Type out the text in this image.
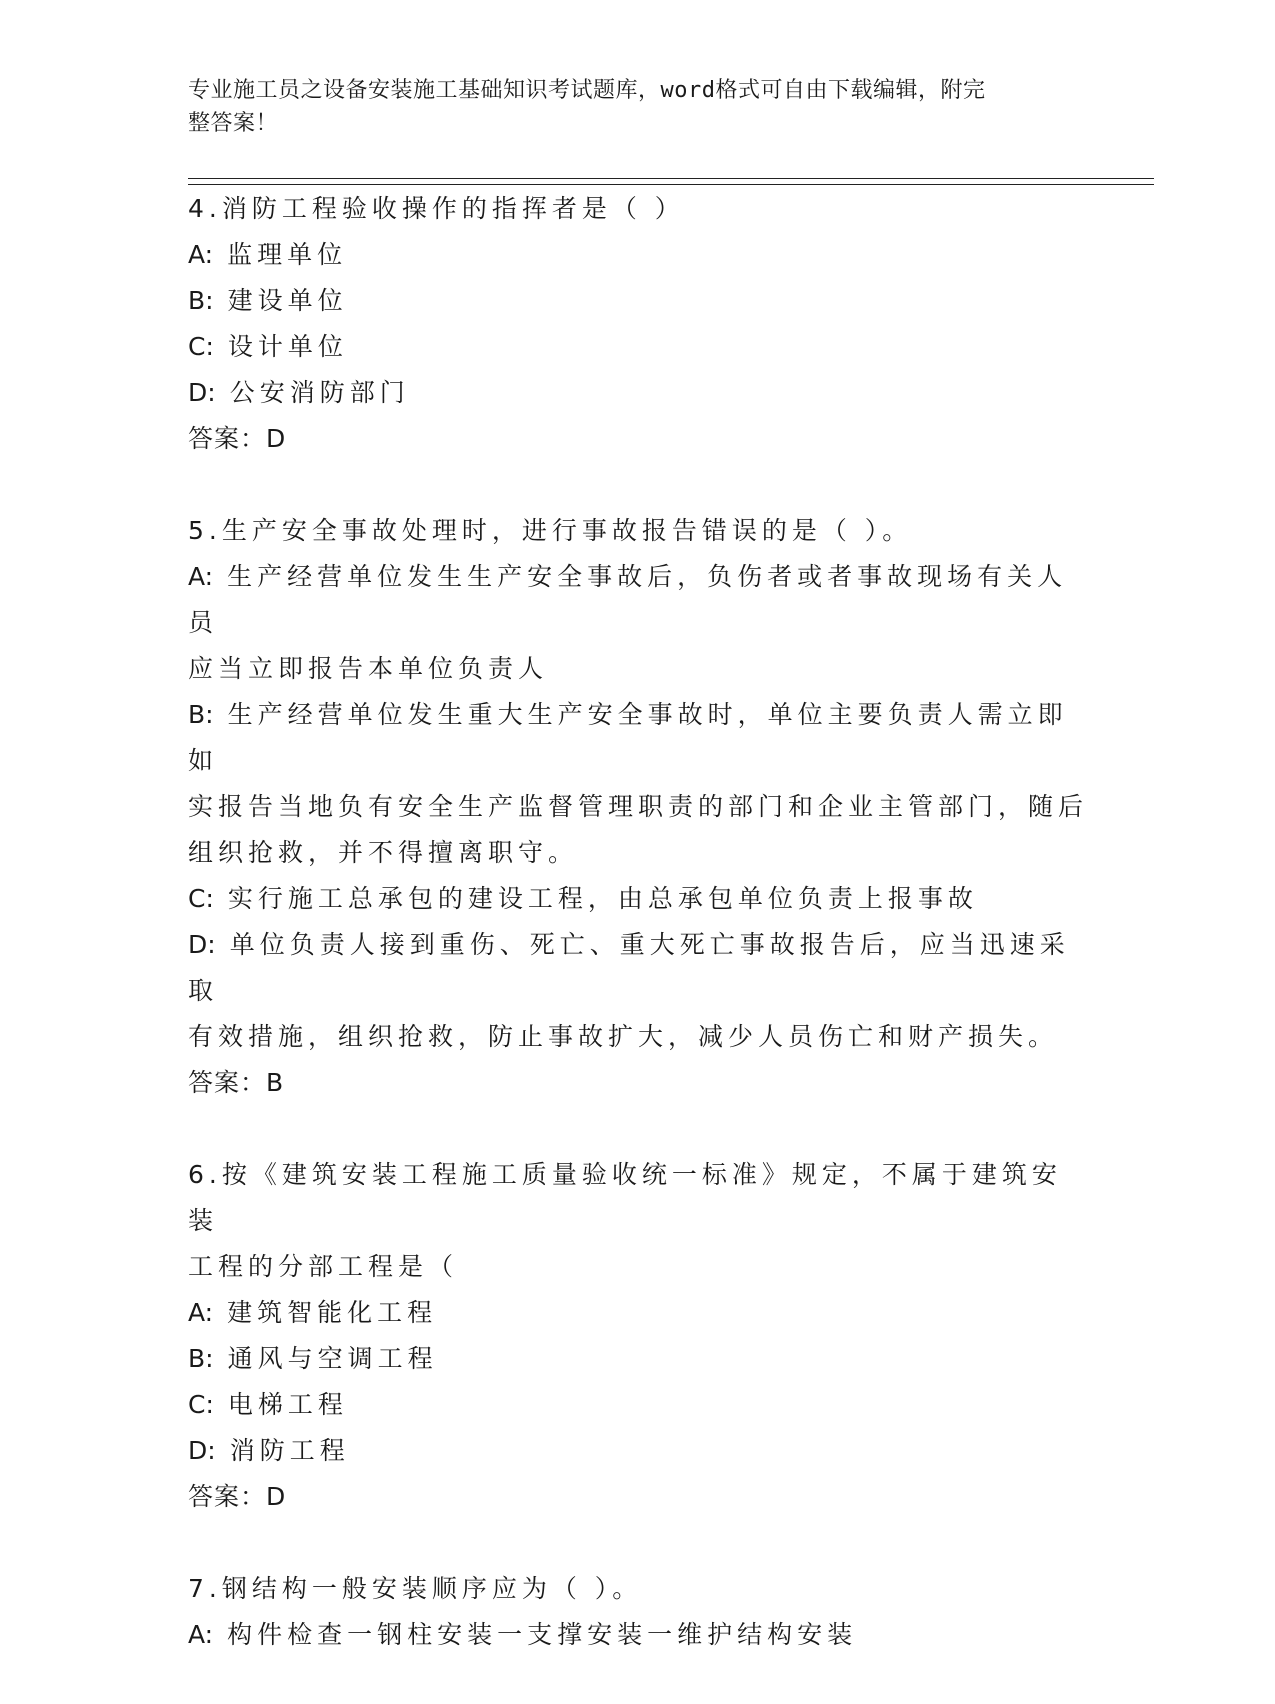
专业施工员之设备安装施工基础知识考试题库，word格式可自由下载编辑，附完
整答案！
4.消防工程验收操作的指挥者是（ ）
A: 监理单位
B: 建设单位
C: 设计单位
D: 公安消防部门
答案：D
5.生产安全事故处理时，进行事故报告错误的是（ ）。
A: 生产经营单位发生生产安全事故后，负伤者或者事故现场有关人员
应当立即报告本单位负责人
B: 生产经营单位发生重大生产安全事故时，单位主要负责人需立即如
实报告当地负有安全生产监督管理职责的部门和企业主管部门，随后
组织抢救，并不得擅离职守。
C: 实行施工总承包的建设工程，由总承包单位负责上报事故
D: 单位负责人接到重伤、死亡、重大死亡事故报告后，应当迅速采取
有效措施，组织抢救，防止事故扩大，减少人员伤亡和财产损失。
答案：B
6.按《建筑安装工程施工质量验收统一标准》规定，不属于建筑安装
工程的分部工程是（
A: 建筑智能化工程
B: 通风与空调工程
C: 电梯工程
D: 消防工程
答案：D
7.钢结构一般安装顺序应为（ ）。
A: 构件检查一钢柱安装一支撑安装一维护结构安装
